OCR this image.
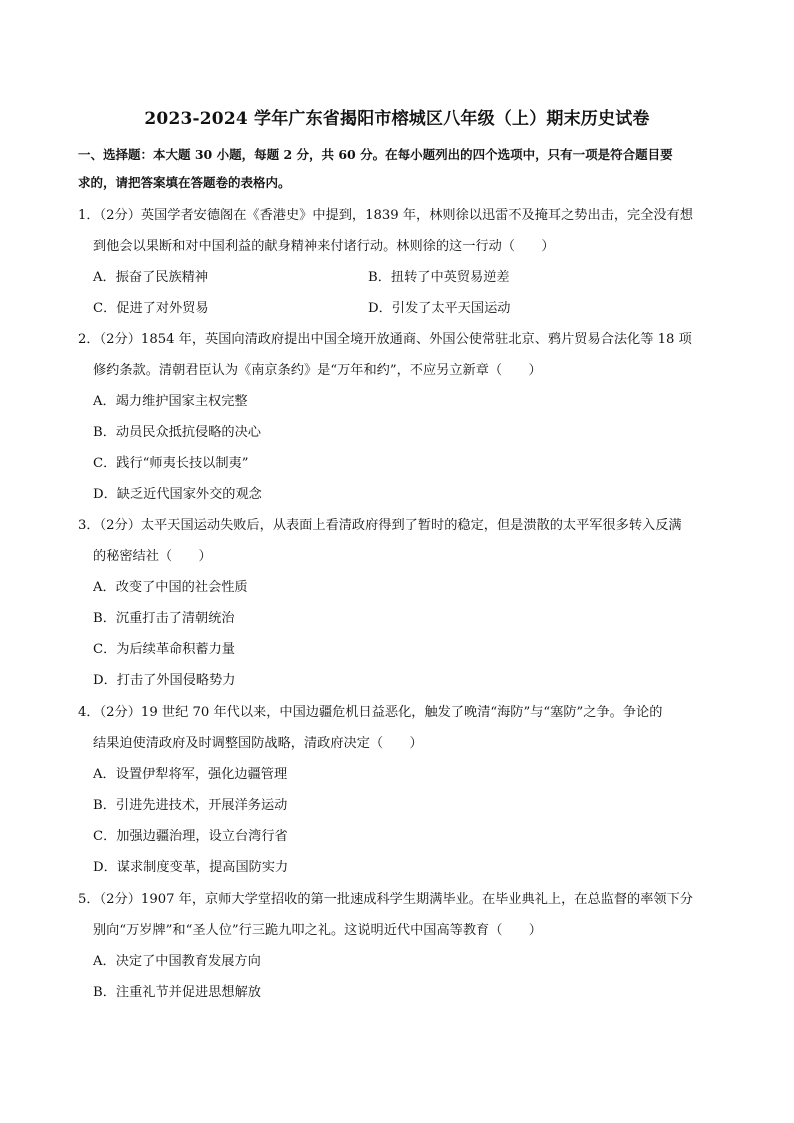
2023-2024 学年广东省揭阳市榕城区八年级（上）期末历史试卷
一、选择题：本大题 30 小题，每题 2 分，共 60 分。在每小题列出的四个选项中，只有一项是符合题目要
求的，请把答案填在答题卷的表格内。
1．（2分）英国学者安德阁在《香港史》中提到，1839 年，林则徐以迅雷不及掩耳之势出击，完全没有想
到他会以果断和对中国利益的献身精神来付诸行动。林则徐的这一行动（　　）
A．振奋了民族精神	B．扭转了中英贸易逆差
C．促进了对外贸易	D．引发了太平天国运动
2．（2分）1854 年，英国向清政府提出中国全境开放通商、外国公使常驻北京、鸦片贸易合法化等 18 项
修约条款。清朝君臣认为《南京条约》是“万年和约”，不应另立新章（　　）
A．竭力维护国家主权完整
B．动员民众抵抗侵略的决心
C．践行“师夷长技以制夷”
D．缺乏近代国家外交的观念
3．（2分）太平天国运动失败后，从表面上看清政府得到了暂时的稳定，但是溃散的太平军很多转入反满
的秘密结社（　　）
A．改变了中国的社会性质
B．沉重打击了清朝统治
C．为后续革命积蓄力量
D．打击了外国侵略势力
4．（2分）19 世纪 70 年代以来，中国边疆危机日益恶化，触发了晚清“海防”与“塞防”之争。争论的
结果迫使清政府及时调整国防战略，清政府决定（　　）
A．设置伊犁将军，强化边疆管理
B．引进先进技术，开展洋务运动
C．加强边疆治理，设立台湾行省
D．谋求制度变革，提高国防实力
5．（2分）1907 年，京师大学堂招收的第一批速成科学生期满毕业。在毕业典礼上，在总监督的率领下分
别向“万岁牌”和“圣人位”行三跪九叩之礼。这说明近代中国高等教育（　　）
A．决定了中国教育发展方向
B．注重礼节并促进思想解放
